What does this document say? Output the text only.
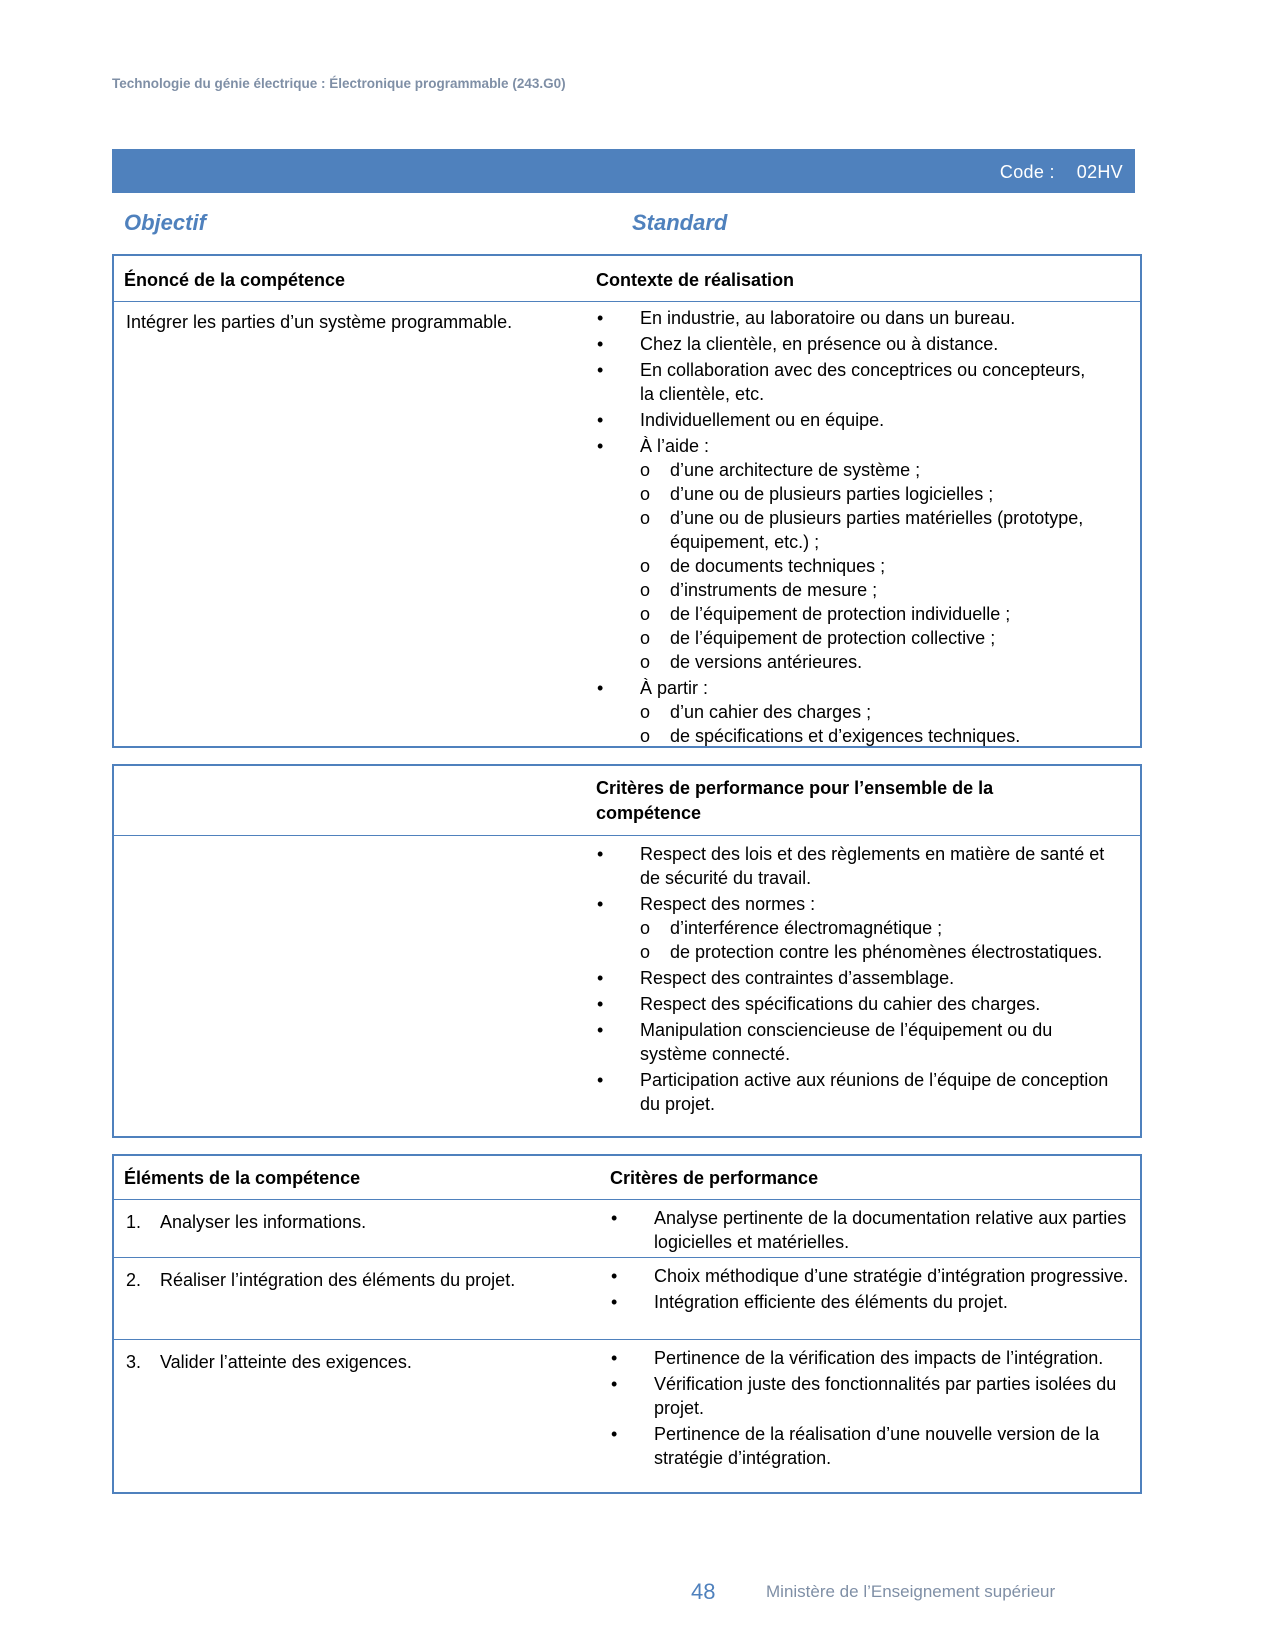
Technologie du génie électrique : Électronique programmable (243.G0)
Code : 02HV
Objectif	Standard
Énoncé de la compétence	Contexte de réalisation
Intégrer les parties d’un système programmable.	• En industrie, au laboratoire ou dans un bureau.
• Chez la clientèle, en présence ou à distance.
• En collaboration avec des conceptrices ou concepteurs, la clientèle, etc.
• Individuellement ou en équipe.
• À l’aide :
o d’une architecture de système ;
o d’une ou de plusieurs parties logicielles ;
o d’une ou de plusieurs parties matérielles (prototype, équipement, etc.) ;
o de documents techniques ;
o d’instruments de mesure ;
o de l’équipement de protection individuelle ;
o de l’équipement de protection collective ;
o de versions antérieures.
• À partir :
o d’un cahier des charges ;
o de spécifications et d’exigences techniques.
Critères de performance pour l’ensemble de la compétence
• Respect des lois et des règlements en matière de santé et de sécurité du travail.
• Respect des normes :
o d’interférence électromagnétique ;
o de protection contre les phénomènes électrostatiques.
• Respect des contraintes d’assemblage.
• Respect des spécifications du cahier des charges.
• Manipulation consciencieuse de l’équipement ou du système connecté.
• Participation active aux réunions de l’équipe de conception du projet.
Éléments de la compétence	Critères de performance
1. Analyser les informations.	• Analyse pertinente de la documentation relative aux parties logicielles et matérielles.
2. Réaliser l’intégration des éléments du projet.	• Choix méthodique d’une stratégie d’intégration progressive.
• Intégration efficiente des éléments du projet.
3. Valider l’atteinte des exigences.	• Pertinence de la vérification des impacts de l’intégration.
• Vérification juste des fonctionnalités par parties isolées du projet.
• Pertinence de la réalisation d’une nouvelle version de la stratégie d’intégration.
48	Ministère de l’Enseignement supérieur
